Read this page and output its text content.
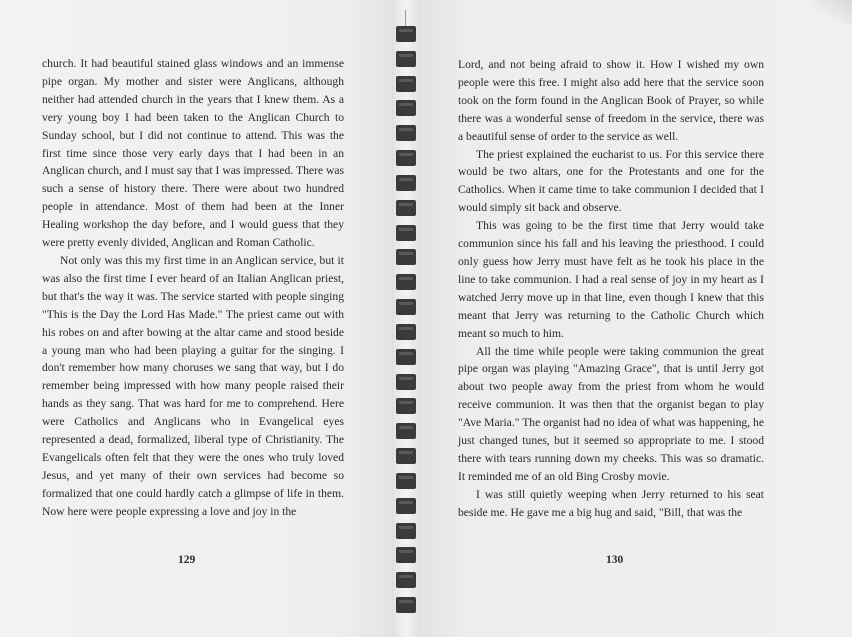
church. It had beautiful stained glass windows and an immense pipe organ. My mother and sister were Anglicans, although neither had attended church in the years that I knew them. As a very young boy I had been taken to the Anglican Church to Sunday school, but I did not continue to attend. This was the first time since those very early days that I had been in an Anglican church, and I must say that I was impressed. There was such a sense of history there. There were about two hundred people in attendance. Most of them had been at the Inner Healing workshop the day before, and I would guess that they were pretty evenly divided, Anglican and Roman Catholic.

Not only was this my first time in an Anglican service, but it was also the first time I ever heard of an Italian Anglican priest, but that's the way it was. The service started with people singing "This is the Day the Lord Has Made." The priest came out with his robes on and after bowing at the altar came and stood beside a young man who had been playing a guitar for the singing. I don't remember how many choruses we sang that way, but I do remember being impressed with how many people raised their hands as they sang. That was hard for me to comprehend. Here were Catholics and Anglicans who in Evangelical eyes represented a dead, formalized, liberal type of Christianity. The Evangelicals often felt that they were the ones who truly loved Jesus, and yet many of their own services had become so formalized that one could hardly catch a glimpse of life in them. Now here were people expressing a love and joy in the

129

Lord, and not being afraid to show it. How I wished my own people were this free. I might also add here that the service soon took on the form found in the Anglican Book of Prayer, so while there was a wonderful sense of freedom in the service, there was a beautiful sense of order to the service as well.

The priest explained the eucharist to us. For this service there would be two altars, one for the Protestants and one for the Catholics. When it came time to take communion I decided that I would simply sit back and observe.

This was going to be the first time that Jerry would take communion since his fall and his leaving the priesthood. I could only guess how Jerry must have felt as he took his place in the line to take communion. I had a real sense of joy in my heart as I watched Jerry move up in that line, even though I knew that this meant that Jerry was returning to the Catholic Church which meant so much to him.

All the time while people were taking communion the great pipe organ was playing "Amazing Grace", that is until Jerry got about two people away from the priest from whom he would receive communion. It was then that the organist began to play "Ave Maria." The organist had no idea of what was happening, he just changed tunes, but it seemed so appropriate to me. I stood there with tears running down my cheeks. This was so dramatic. It reminded me of an old Bing Crosby movie.

I was still quietly weeping when Jerry returned to his seat beside me. He gave me a big hug and said, "Bill, that was the

130
